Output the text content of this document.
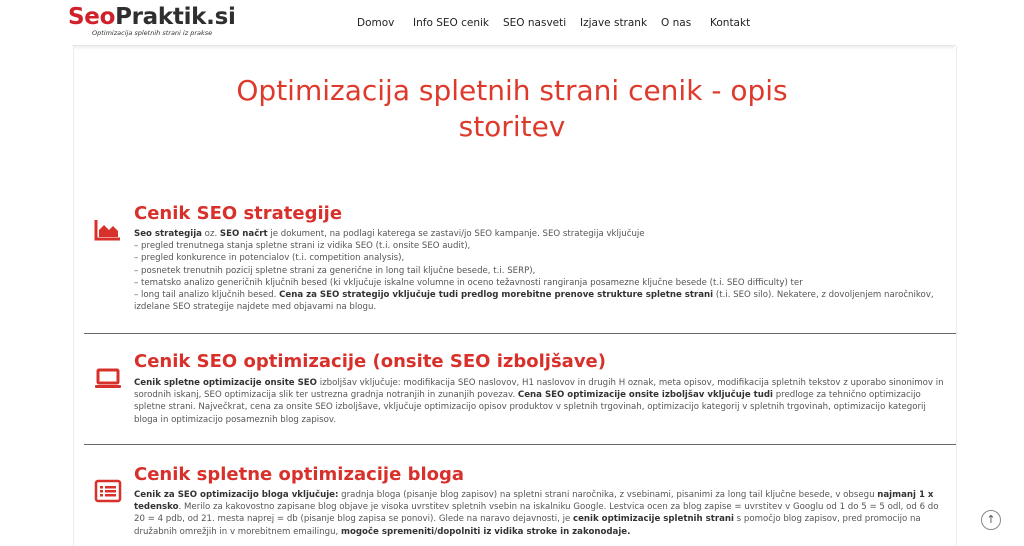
SeoPraktik.si
Optimizacija spletnih strani iz prakse
Domov Info SEO cenik SEO nasveti Izjave strank O nas Kontakt
Optimizacija spletnih strani cenik - opis storitev
Cenik SEO strategije

Seo strategija oz. SEO načrt je dokument, na podlagi katerega se zastavi/jo SEO kampanje. SEO strategija vključuje

– pregled trenutnega stanja spletne strani iz vidika SEO (t.i. onsite SEO audit),

– pregled konkurence in potencialov (t.i. competition analysis),

– posnetek trenutnih pozicij spletne strani za generične in long tail ključne besede, t.i. SERP),

– tematsko analizo generičnih ključnih besed (ki vključuje iskalne volumne in oceno težavnosti rangiranja posamezne ključne besede (t.i. SEO difficulty) ter

– long tail analizo ključnih besed. Cena za SEO strategijo vključuje tudi predlog morebitne prenove strukture spletne strani (t.i. SEO silo). Nekatere, z dovoljenjem naročnikov, izdelane SEO strategije najdete med objavami na blogu.

Cenik SEO optimizacije (onsite SEO izboljšave)

Cenik spletne optimizacije onsite SEO izboljšav vključuje: modifikacija SEO naslovov, H1 naslovov in drugih H oznak, meta opisov, modifikacija spletnih tekstov z uporabo sinonimov in sorodnih iskanj, SEO optimizacija slik ter ustrezna gradnja notranjih in zunanjih povezav. Cena SEO optimizacije onsite izboljšav vključuje tudi predloge za tehnično optimizacijo spletne strani. Največkrat, cena za onsite SEO izboljšave, vključuje optimizacijo opisov produktov v spletnih trgovinah, optimizacijo kategorij v spletnih trgovinah, optimizacijo kategorij bloga in optimizacijo posameznih blog zapisov.

Cenik spletne optimizacije bloga

Cenik za SEO optimizacijo bloga vključuje: gradnja bloga (pisanje blog zapisov) na spletni strani naročnika, z vsebinami, pisanimi za long tail ključne besede, v obsegu najmanj 1 x tedensko. Merilo za kakovostno zapisane blog objave je visoka uvrstitev spletnih vsebin na iskalniku Google. Lestvica ocen za blog zapise = uvrstitev v Googlu od 1 do 5 = 5 odl, od 6 do 20 = 4 pdb, od 21. mesta naprej = db (pisanje blog zapisa se ponovi). Glede na naravo dejavnosti, je cenik optimizacije spletnih strani s pomočjo blog zapisov, pred promocijo na družabnih omrežjih in v morebitnem emailingu, mogoče spremeniti/dopolniti iz vidika stroke in zakonodaje.

↑
